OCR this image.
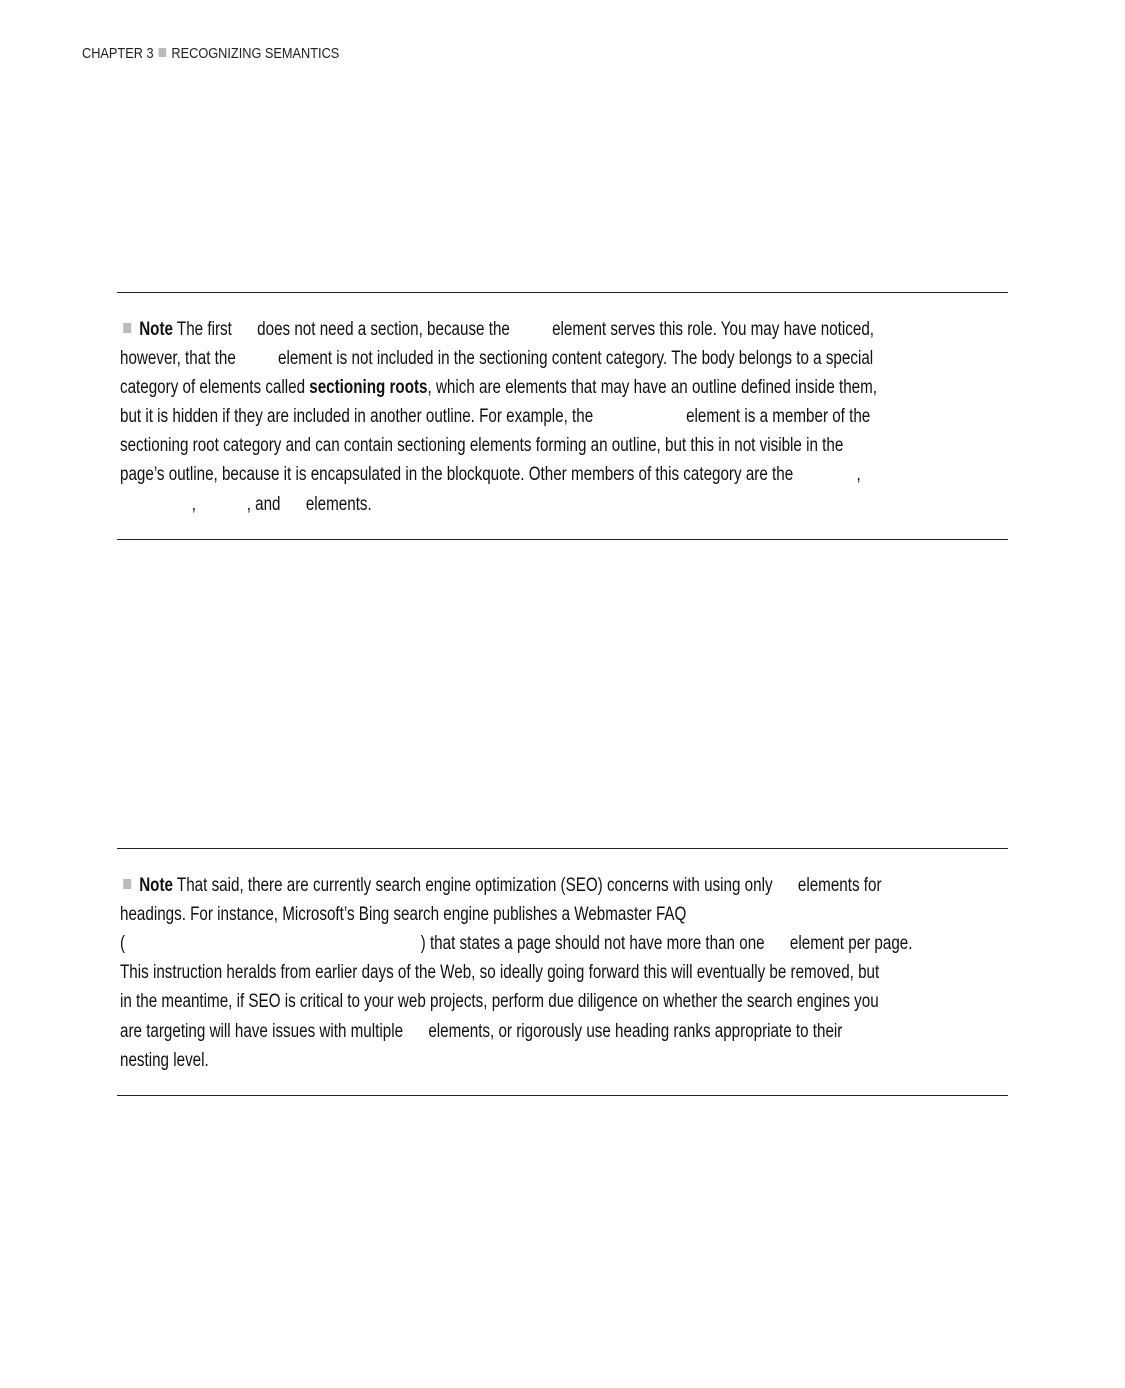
CHAPTER 3 RECOGNIZING SEMANTICS
Note The first      does not need a section, because the          element serves this role. You may have noticed,
however, that the          element is not included in the sectioning content category. The body belongs to a special
category of elements called sectioning roots, which are elements that may have an outline defined inside them,
but it is hidden if they are included in another outline. For example, the                      element is a member of the
sectioning root category and can contain sectioning elements forming an outline, but this in not visible in the
page’s outline, because it is encapsulated in the blockquote. Other members of this category are the               ,
,            , and      elements.
Note That said, there are currently search engine optimization (SEO) concerns with using only      elements for
headings. For instance, Microsoft’s Bing search engine publishes a Webmaster FAQ
(                                                                      ) that states a page should not have more than one      element per page.
This instruction heralds from earlier days of the Web, so ideally going forward this will eventually be removed, but
in the meantime, if SEO is critical to your web projects, perform due diligence on whether the search engines you
are targeting will have issues with multiple      elements, or rigorously use heading ranks appropriate to their
nesting level.
